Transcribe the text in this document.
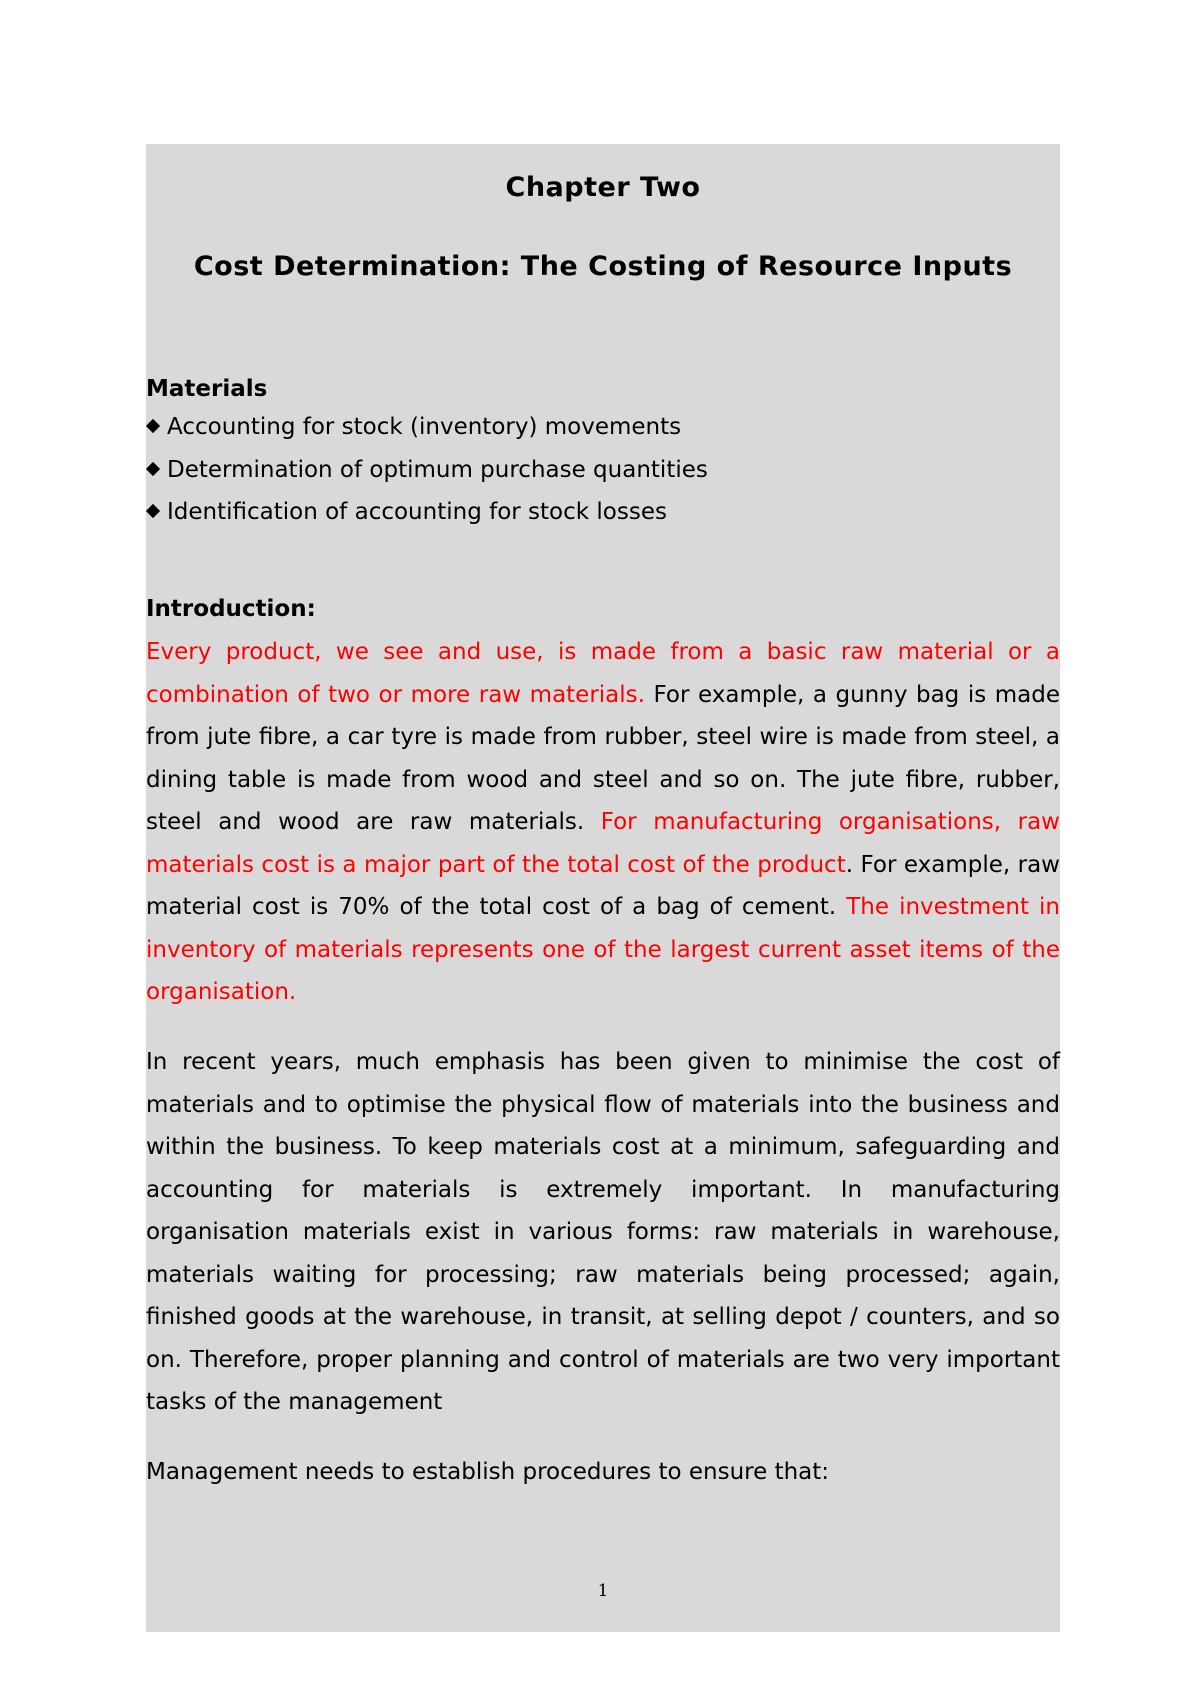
Chapter Two
Cost Determination: The Costing of Resource Inputs
Materials
Accounting for stock (inventory) movements
Determination of optimum purchase quantities
Identification of accounting for stock losses
Introduction:

Every product, we see and use, is made from a basic raw material or a combination of two or more raw materials. For example, a gunny bag is made from jute fibre, a car tyre is made from rubber, steel wire is made from steel, a dining table is made from wood and steel and so on. The jute fibre, rubber, steel and wood are raw materials. For manufacturing organisations, raw materials cost is a major part of the total cost of the product. For example, raw material cost is 70% of the total cost of a bag of cement. The investment in inventory of materials represents one of the largest current asset items of the organisation.

In recent years, much emphasis has been given to minimise the cost of materials and to optimise the physical flow of materials into the business and within the business. To keep materials cost at a minimum, safeguarding and accounting for materials is extremely important. In manufacturing organisation materials exist in various forms: raw materials in warehouse, materials waiting for processing; raw materials being processed; again, finished goods at the warehouse, in transit, at selling depot / counters, and so on. Therefore, proper planning and control of materials are two very important tasks of the management

Management needs to establish procedures to ensure that:

1
